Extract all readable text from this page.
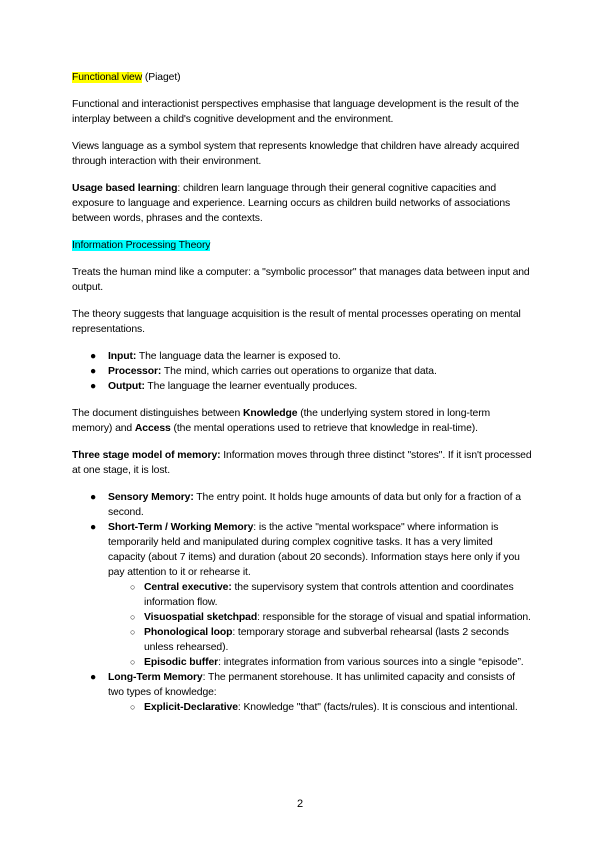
Functional view (Piaget)

Functional and interactionist perspectives emphasise that language development is the result of the interplay between a child's cognitive development and the environment.

Views language as a symbol system that represents knowledge that children have already acquired through interaction with their environment.

Usage based learning: children learn language through their general cognitive capacities and exposure to language and experience. Learning occurs as children build networks of associations between words, phrases and the contexts.

Information Processing Theory

Treats the human mind like a computer: a "symbolic processor" that manages data between input and output.

The theory suggests that language acquisition is the result of mental processes operating on mental representations.

● Input: The language data the learner is exposed to.
● Processor: The mind, which carries out operations to organize that data.
● Output: The language the learner eventually produces.

The document distinguishes between Knowledge (the underlying system stored in long-term memory) and Access (the mental operations used to retrieve that knowledge in real-time).

Three stage model of memory: Information moves through three distinct "stores". If it isn't processed at one stage, it is lost.

● Sensory Memory: The entry point. It holds huge amounts of data but only for a fraction of a second.
● Short-Term / Working Memory: is the active "mental workspace" where information is temporarily held and manipulated during complex cognitive tasks. It has a very limited capacity (about 7 items) and duration (about 20 seconds). Information stays here only if you pay attention to it or rehearse it.
○ Central executive: the supervisory system that controls attention and coordinates information flow.
○ Visuospatial sketchpad: responsible for the storage of visual and spatial information.
○ Phonological loop: temporary storage and subverbal rehearsal (lasts 2 seconds unless rehearsed).
○ Episodic buffer: integrates information from various sources into a single “episode”.
● Long-Term Memory: The permanent storehouse. It has unlimited capacity and consists of two types of knowledge:
○ Explicit-Declarative: Knowledge "that" (facts/rules). It is conscious and intentional.
2
